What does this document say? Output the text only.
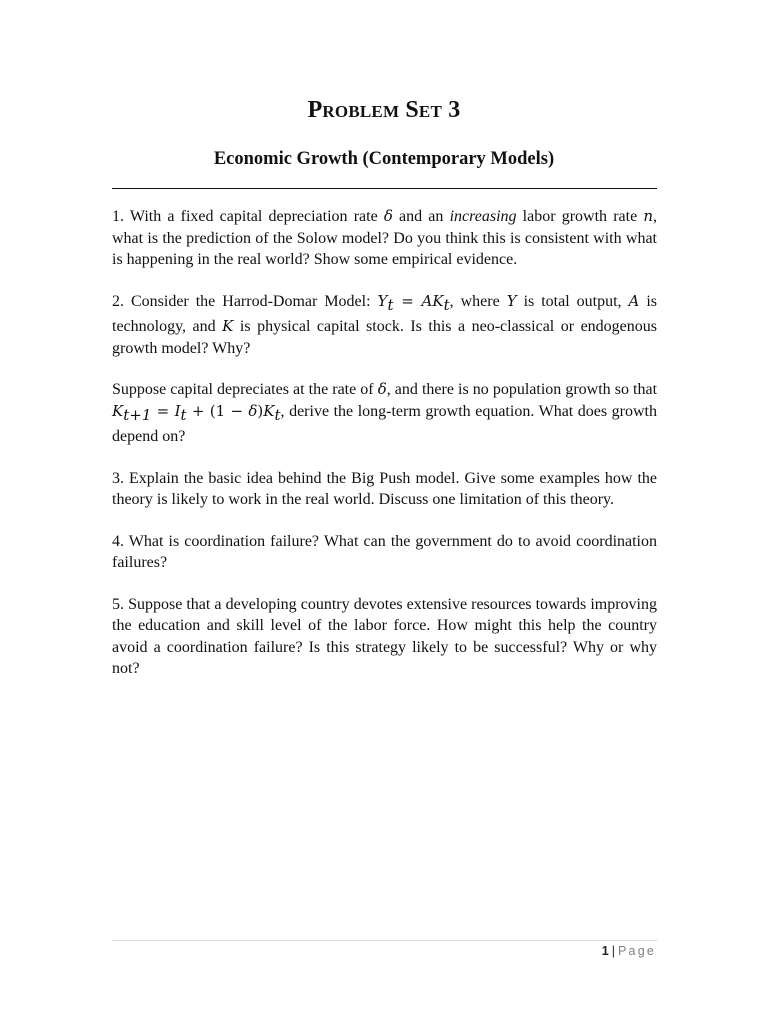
Problem Set 3
Economic Growth (Contemporary Models)

1. With a fixed capital depreciation rate δ and an increasing labor growth rate n, what is the prediction of the Solow model? Do you think this is consistent with what is happening in the real world? Show some empirical evidence.

2. Consider the Harrod-Domar Model: $Y_t = AK_t$, where Y is total output, A is technology, and K is physical capital stock. Is this a neo-classical or endogenous growth model? Why?

Suppose capital depreciates at the rate of δ, and there is no population growth so that $K_{t+1} = I_t + (1 - \delta)K_t$, derive the long-term growth equation. What does growth depend on?

3. Explain the basic idea behind the Big Push model. Give some examples how the theory is likely to work in the real world. Discuss one limitation of this theory.

4. What is coordination failure? What can the government do to avoid coordination failures?

5. Suppose that a developing country devotes extensive resources towards improving the education and skill level of the labor force. How might this help the country avoid a coordination failure? Is this strategy likely to be successful? Why or why not?

1 | Page
